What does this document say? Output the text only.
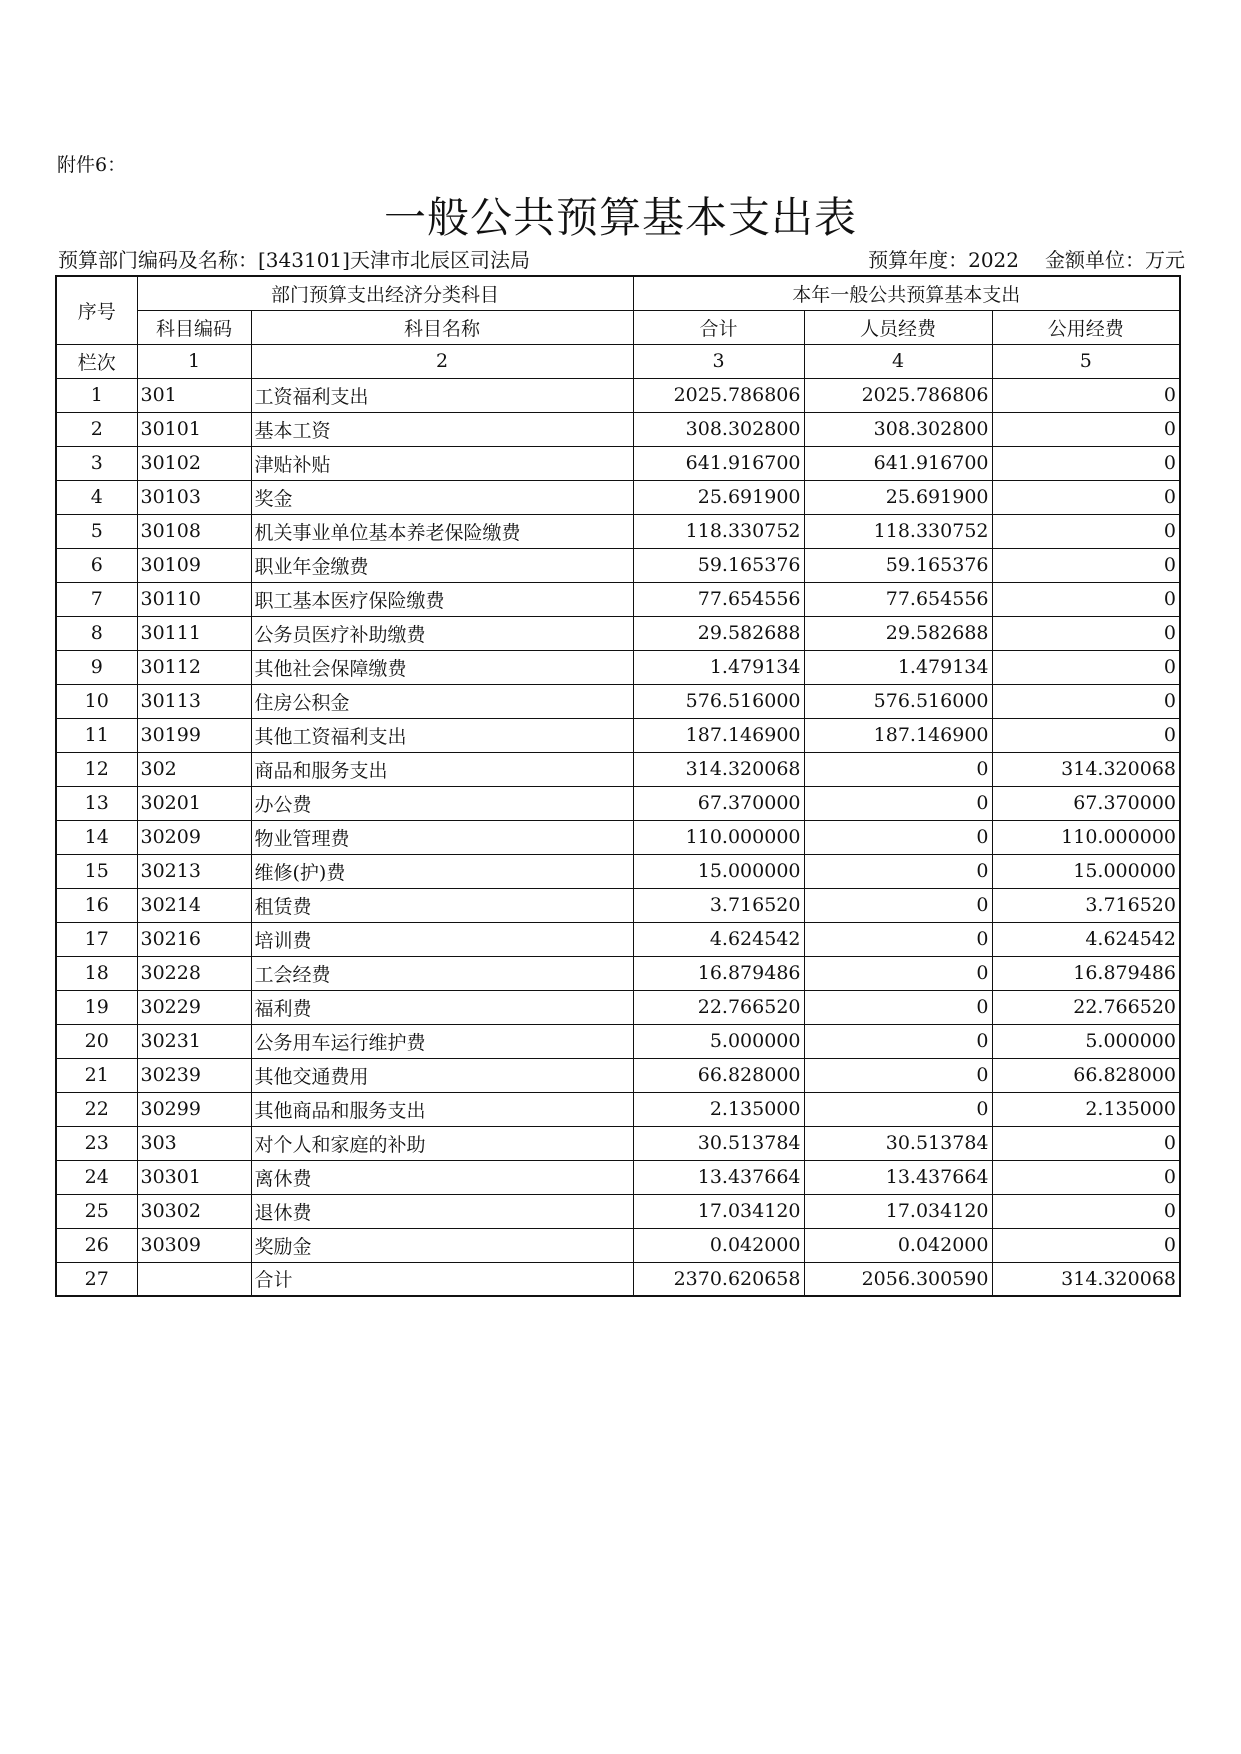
附件6：
一般公共预算基本支出表
预算部门编码及名称：[343101]天津市北辰区司法局	预算年度：2022 金额单位：万元
序号	部门预算支出经济分类科目		本年一般公共预算基本支出		
	科目编码	科目名称	合计	人员经费	公用经费
栏次	1	2	3	4	5
1	301	工资福利支出	2025.786806	2025.786806	0
2	30101	基本工资	308.302800	308.302800	0
3	30102	津贴补贴	641.916700	641.916700	0
4	30103	奖金	25.691900	25.691900	0
5	30108	机关事业单位基本养老保险缴费	118.330752	118.330752	0
6	30109	职业年金缴费	59.165376	59.165376	0
7	30110	职工基本医疗保险缴费	77.654556	77.654556	0
8	30111	公务员医疗补助缴费	29.582688	29.582688	0
9	30112	其他社会保障缴费	1.479134	1.479134	0
10	30113	住房公积金	576.516000	576.516000	0
11	30199	其他工资福利支出	187.146900	187.146900	0
12	302	商品和服务支出	314.320068	0	314.320068
13	30201	办公费	67.370000	0	67.370000
14	30209	物业管理费	110.000000	0	110.000000
15	30213	维修(护)费	15.000000	0	15.000000
16	30214	租赁费	3.716520	0	3.716520
17	30216	培训费	4.624542	0	4.624542
18	30228	工会经费	16.879486	0	16.879486
19	30229	福利费	22.766520	0	22.766520
20	30231	公务用车运行维护费	5.000000	0	5.000000
21	30239	其他交通费用	66.828000	0	66.828000
22	30299	其他商品和服务支出	2.135000	0	2.135000
23	303	对个人和家庭的补助	30.513784	30.513784	0
24	30301	离休费	13.437664	13.437664	0
25	30302	退休费	17.034120	17.034120	0
26	30309	奖励金	0.042000	0.042000	0
27		合计	2370.620658	2056.300590	314.320068
